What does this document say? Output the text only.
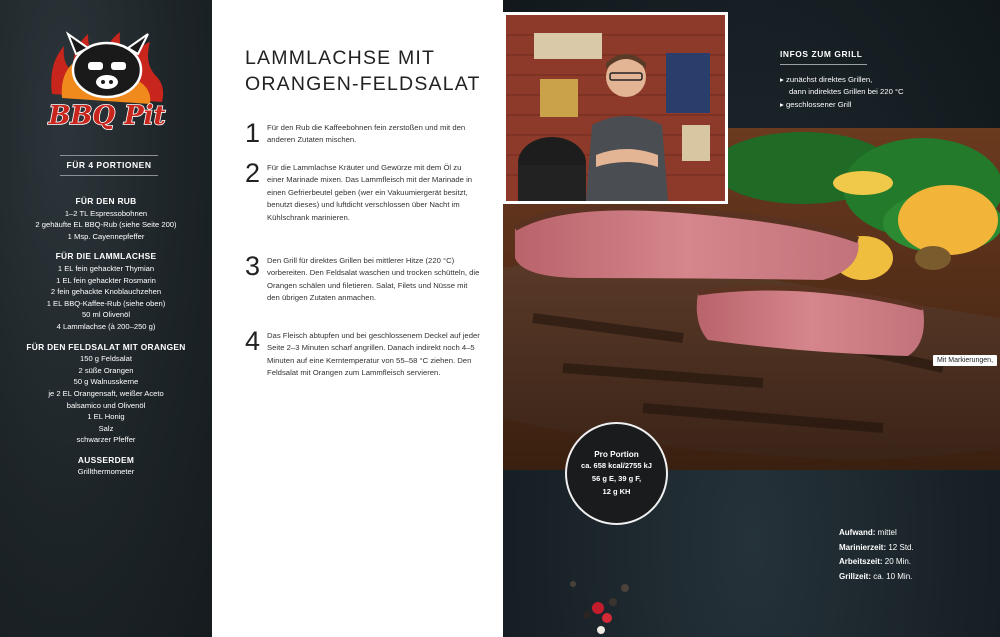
BBQ Pit
FÜR 4 PORTIONEN
FÜR DEN RUB
1–2 TL Espressobohnen
2 gehäufte EL BBQ-Rub (siehe Seite 200)
1 Msp. Cayennepfeffer
FÜR DIE LAMMLACHSE
1 EL fein gehackter Thymian
1 EL fein gehackter Rosmarin
2 fein gehackte Knoblauchzehen
1 EL BBQ-Kaffee-Rub (siehe oben)
50 ml Olivenöl
4 Lammlachse (à 200–250 g)
FÜR DEN FELDSALAT MIT ORANGEN
150 g Feldsalat
2 süße Orangen
50 g Walnusskerne
je 2 EL Orangensaft, weißer Aceto
balsamico und Olivenöl
1 EL Honig
Salz
schwarzer Pfeffer
AUSSERDEM
Grillthermometer
LAMMLACHSE MIT
ORANGEN-FELDSALAT
1 Für den Rub die Kaffeebohnen fein zerstoßen und mit den anderen Zutaten mischen.
2 Für die Lammlachse Kräuter und Gewürze mit dem Öl zu einer Marinade mixen. Das Lammfleisch mit der Marinade in einen Gefrierbeutel geben (wer ein Vakuumiergerät besitzt, benutzt dieses) und luftdicht verschlossen über Nacht im Kühlschrank marinieren.
3 Den Grill für direktes Grillen bei mittlerer Hitze (220 °C) vorbereiten. Den Feldsalat waschen und trocken schütteln, die Orangen schälen und filetieren. Salat, Filets und Nüsse mit den übrigen Zutaten anmachen.
4 Das Fleisch abtupfen und bei geschlossenem Deckel auf jeder Seite 2–3 Minuten scharf angrillen. Danach indirekt noch 4–5 Minuten auf eine Kerntemperatur von 55–58 °C ziehen. Den Feldsalat mit Orangen zum Lammfleisch servieren.
INFOS ZUM GRILL
▸ zunächst direktes Grillen,
dann indirektes Grillen bei 220 °C
▸ geschlossener Grill
Mit Markierungen,
Pro Portion
ca. 658 kcal/2755 kJ
56 g E, 39 g F,
12 g KH
Aufwand: mittel
Marinierzeit: 12 Std.
Arbeitszeit: 20 Min.
Grillzeit: ca. 10 Min.
